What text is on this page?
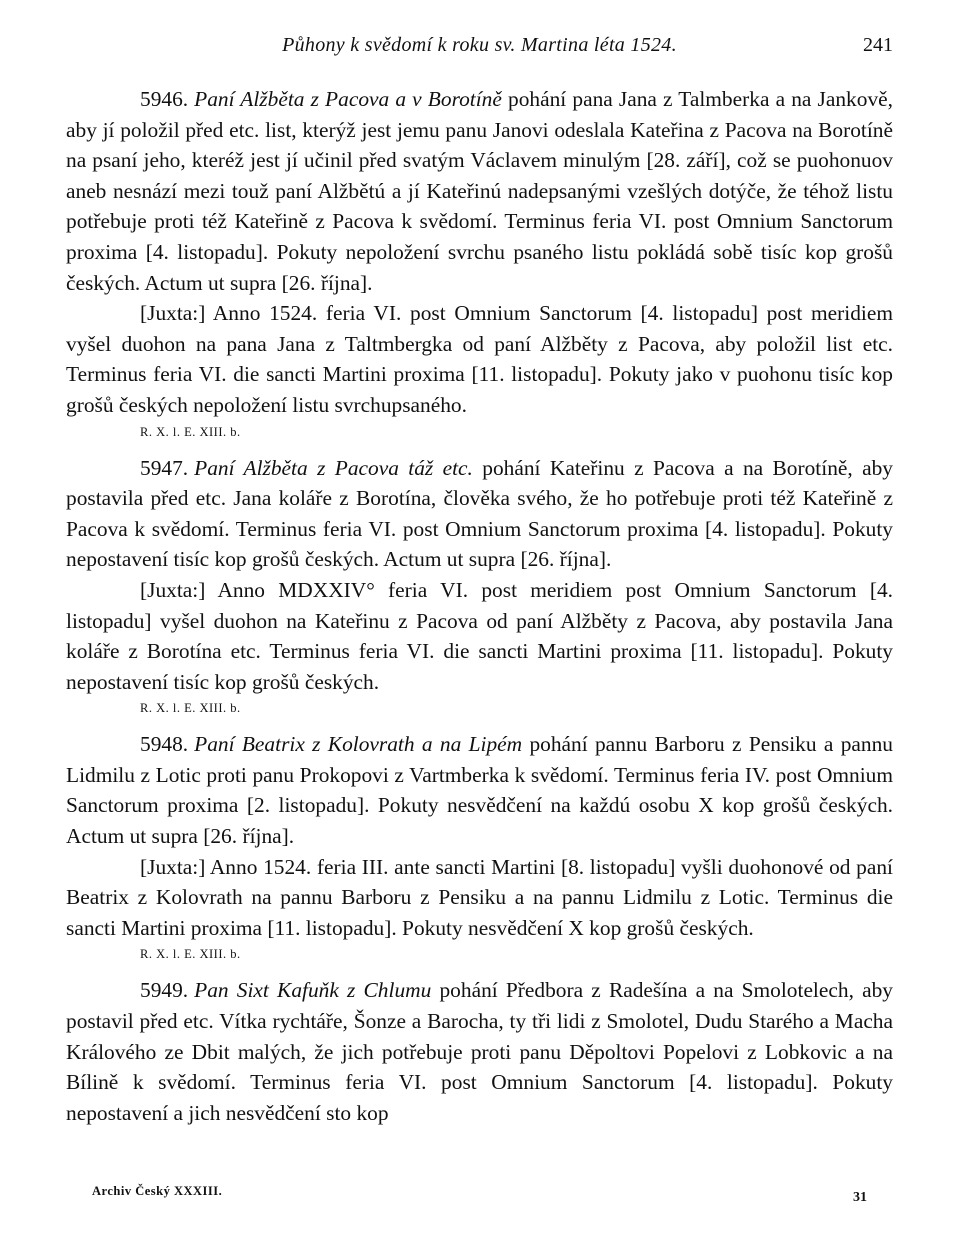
Půhony k svědomí k roku sv. Martina léta 1524.	241

5946. Paní Alžběta z Pacova a v Borotíně pohání pana Jana z Talmberka a na Jankově, aby jí položil před etc. list, kterýž jest jemu panu Janovi odeslala Kateřina z Pacova na Borotíně na psaní jeho, kteréž jest jí učinil před svatým Václavem minulým [28. září], což se puohonuov aneb nesnází mezi touž paní Alžbětú a jí Kateřinú nadepsanými vzešlých dotýče, že téhož listu potřebuje proti též Kateřině z Pacova k svědomí. Terminus feria VI. post Omnium Sanctorum proxima [4. listopadu]. Pokuty nepoložení svrchu psaného listu pokládá sobě tisíc kop grošů českých. Actum ut supra [26. října].

[Juxta:] Anno 1524. feria VI. post Omnium Sanctorum [4. listopadu] post meridiem vyšel duohon na pana Jana z Taltmbergka od paní Alžběty z Pacova, aby položil list etc. Terminus feria VI. die sancti Martini proxima [11. listopadu]. Pokuty jako v puohonu tisíc kop grošů českých nepoložení listu svrchupsaného.

R. X. l. E. XIII. b.

5947. Paní Alžběta z Pacova táž etc. pohání Kateřinu z Pacova a na Borotíně, aby postavila před etc. Jana koláře z Borotína, člověka svého, že ho potřebuje proti též Kateřině z Pacova k svědomí. Terminus feria VI. post Omnium Sanctorum proxima [4. listopadu]. Pokuty nepostavení tisíc kop grošů českých. Actum ut supra [26. října].

[Juxta:] Anno MDXXIV° feria VI. post meridiem post Omnium Sanctorum [4. listopadu] vyšel duohon na Kateřinu z Pacova od paní Alžběty z Pacova, aby postavila Jana koláře z Borotína etc. Terminus feria VI. die sancti Martini proxima [11. listopadu]. Pokuty nepostavení tisíc kop grošů českých.

R. X. l. E. XIII. b.

5948. Paní Beatrix z Kolovrath a na Lipém pohání pannu Barboru z Pensiku a pannu Lidmilu z Lotic proti panu Prokopovi z Vartmberka k svědomí. Terminus feria IV. post Omnium Sanctorum proxima [2. listopadu]. Pokuty nesvědčení na každú osobu X kop grošů českých. Actum ut supra [26. října].

[Juxta:] Anno 1524. feria III. ante sancti Martini [8. listopadu] vyšli duohonové od paní Beatrix z Kolovrath na pannu Barboru z Pensiku a na pannu Lidmilu z Lotic. Terminus die sancti Martini proxima [11. listopadu]. Pokuty nesvědčení X kop grošů českých.

R. X. l. E. XIII. b.

5949. Pan Sixt Kafuňk z Chlumu pohání Předbora z Radešína a na Smolotelech, aby postavil před etc. Vítka rychtáře, Šonze a Barocha, ty tři lidi z Smolotel, Dudu Starého a Macha Králového ze Dbit malých, že jich potřebuje proti panu Děpoltovi Popelovi z Lobkovic a na Bílině k svědomí. Terminus feria VI. post Omnium Sanctorum [4. listopadu]. Pokuty nepostavení a jich nesvědčení sto kop

Archiv Český XXXIII.	31
